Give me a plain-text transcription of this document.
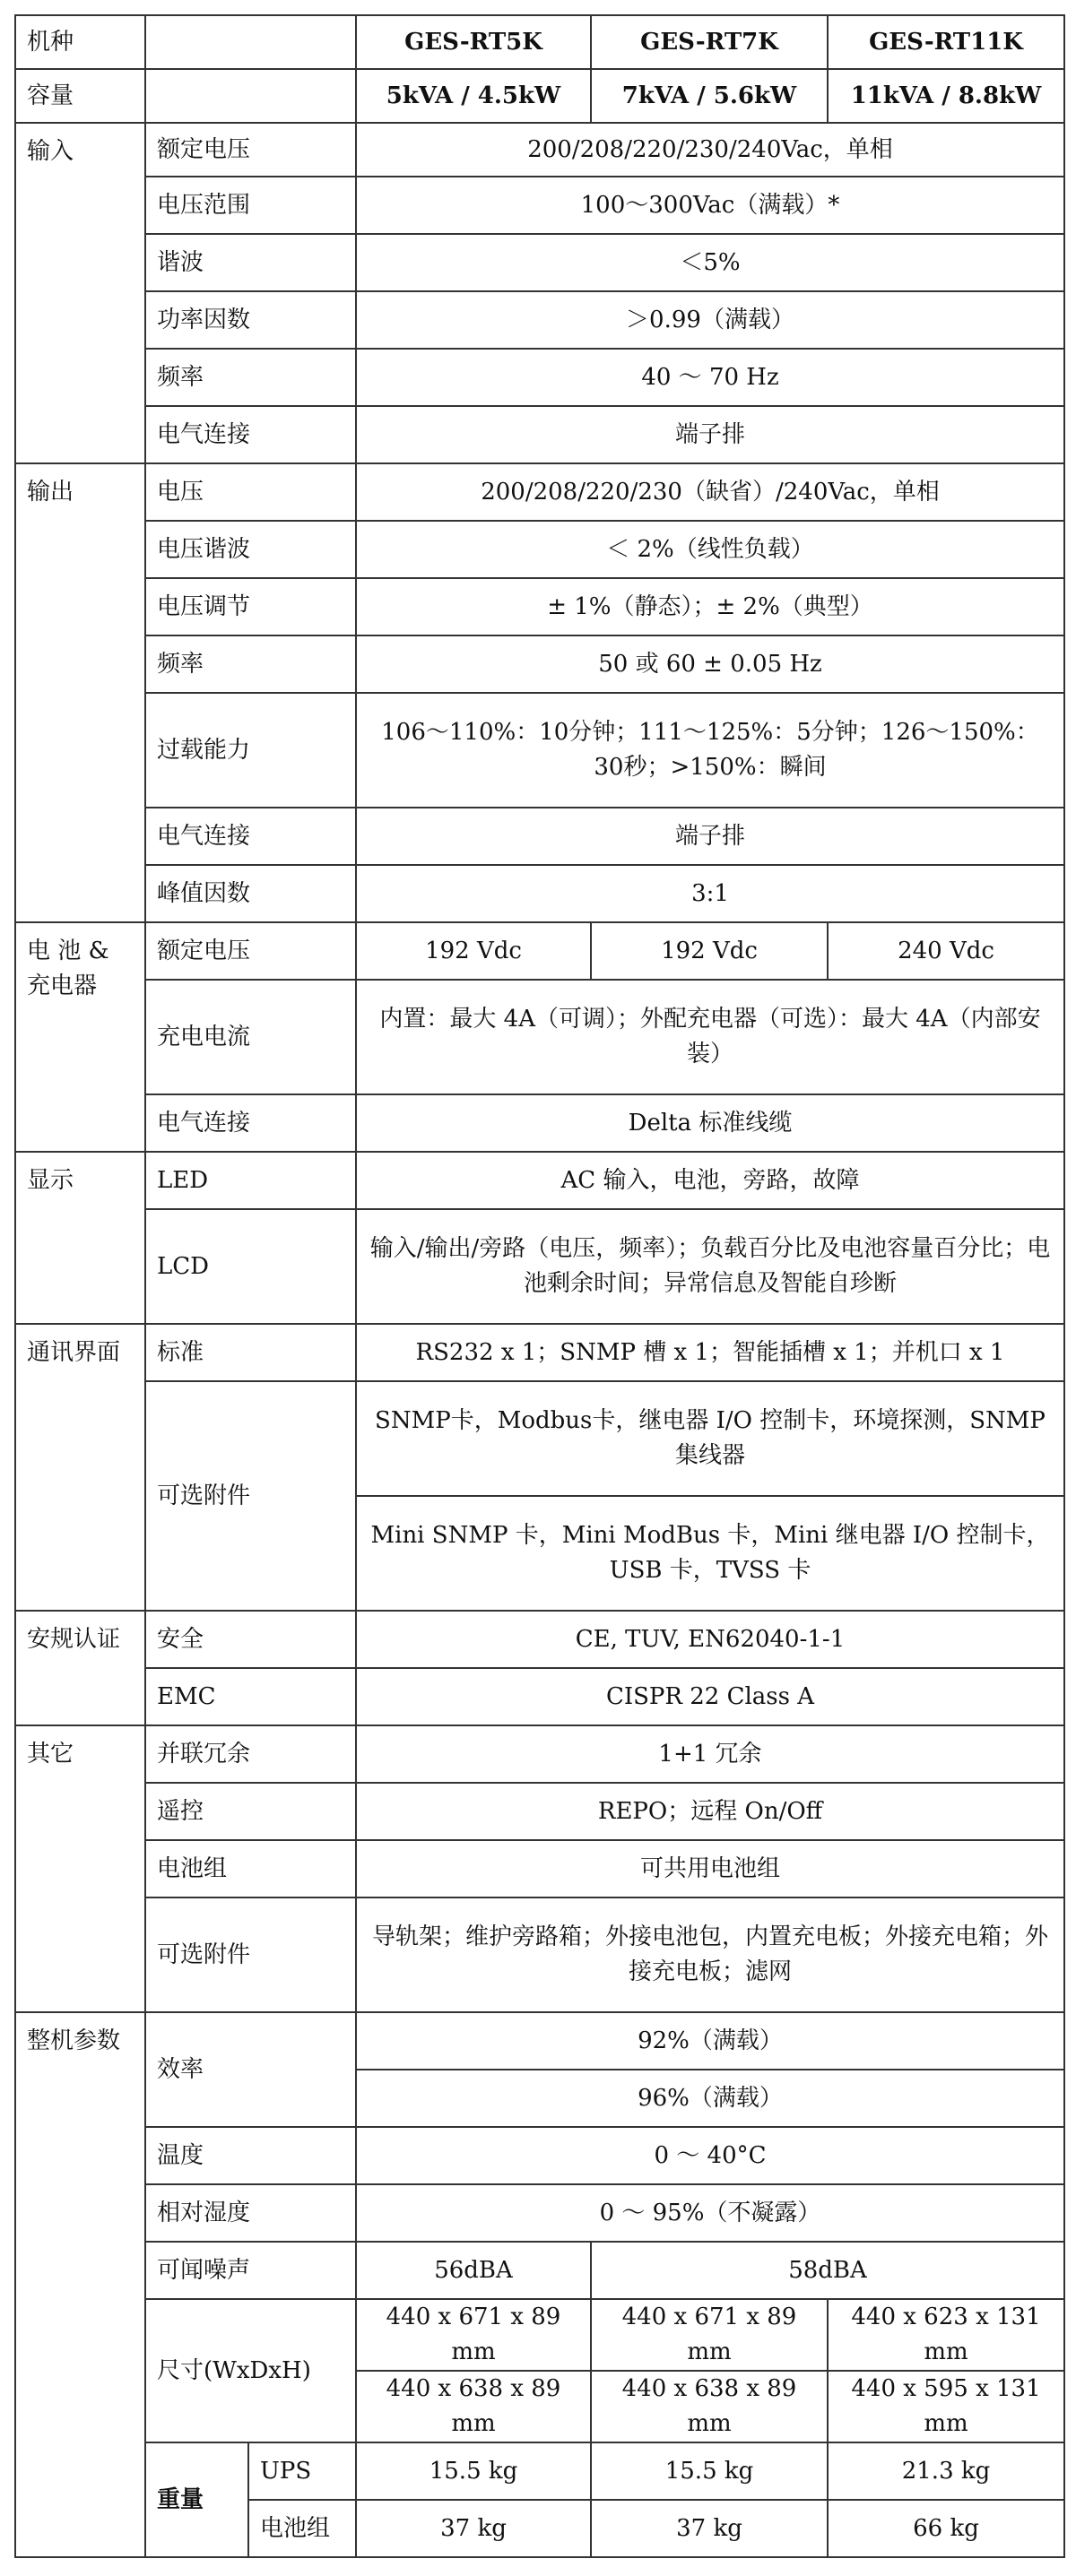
机种			GES-RT5K	GES-RT7K	GES-RT11K
容量			5kVA / 4.5kW	7kVA / 5.6kW	11kVA / 8.8kW
输入	额定电压		200/208/220/230/240Vac，单相		
	电压范围		100～300Vac（满载）*		
	谐波		＜5%		
	功率因数		＞0.99（满载）		
	频率		40 ～ 70 Hz		
	电气连接		端子排		
输出	电压		200/208/220/230（缺省）/240Vac，单相		
	电压谐波		＜ 2%（线性负载）		
	电压调节		± 1%（静态）；± 2%（典型）		
	频率		50 或 60 ± 0.05 Hz		
	过载能力		106～110%：10分钟；111～125%：5分钟；126～150%：30秒；>150%：瞬间		
	电气连接		端子排		
	峰值因数		3:1		
电 池 & 充电器	额定电压		192 Vdc	192 Vdc	240 Vdc
	充电电流		内置：最大 4A（可调）；外配充电器（可选）：最大 4A（内部安装）		
	电气连接		Delta 标准线缆		
显示	LED		AC 输入，电池，旁路，故障		
	LCD		输入/输出/旁路（电压，频率）；负载百分比及电池容量百分比；电池剩余时间；异常信息及智能自珍断		
通讯界面	标准		RS232 x 1；SNMP 槽 x 1；智能插槽 x 1；并机口 x 1		
	可选附件		SNMP卡，Modbus卡，继电器 I/O 控制卡，环境探测，SNMP 集线器		
			Mini SNMP 卡，Mini ModBus 卡，Mini 继电器 I/O 控制卡，USB 卡，TVSS 卡		
安规认证	安全		CE, TUV, EN62040-1-1		
	EMC		CISPR 22 Class A		
其它	并联冗余		1+1 冗余		
	遥控		REPO；远程 On/Off		
	电池组		可共用电池组		
	可选附件		导轨架；维护旁路箱；外接电池包，内置充电板；外接充电箱；外接充电板；滤网		
整机参数	效率		92%（满载）		
			96%（满载）		
	温度		0 ～ 40°C		
	相对湿度		0 ～ 95%（不凝露）		
	可闻噪声		56dBA	58dBA	
	尺寸(WxDxH)		440 x 671 x 89 mm	440 x 671 x 89 mm	440 x 623 x 131 mm
			440 x 638 x 89 mm	440 x 638 x 89 mm	440 x 595 x 131 mm
	重量	UPS	15.5 kg	15.5 kg	21.3 kg
		电池组	37 kg	37 kg	66 kg
